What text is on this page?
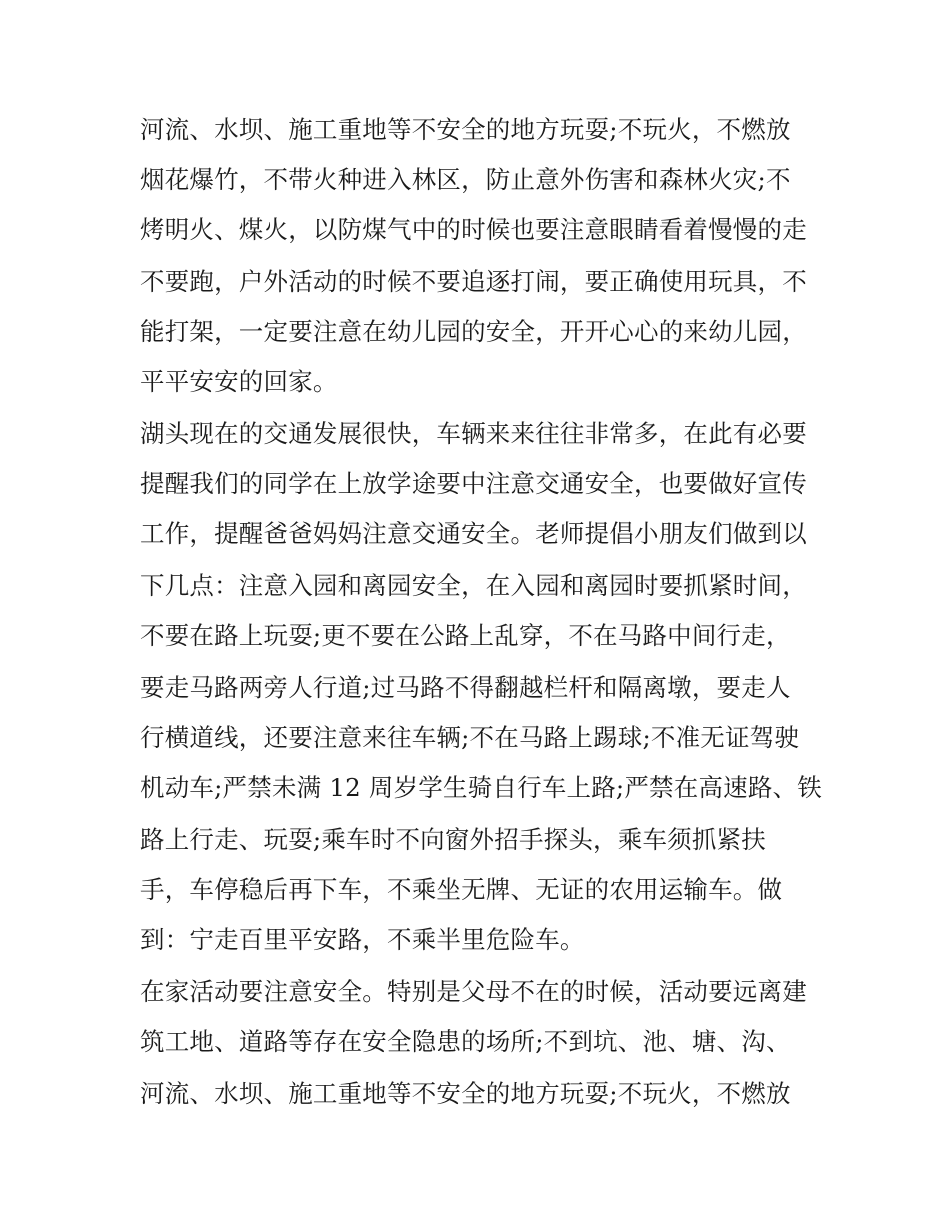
河流、水坝、施工重地等不安全的地方玩耍;不玩火，不燃放
烟花爆竹，不带火种进入林区，防止意外伤害和森林火灾;不
烤明火、煤火，以防煤气中的时候也要注意眼睛看着慢慢的走
不要跑，户外活动的时候不要追逐打闹，要正确使用玩具，不
能打架，一定要注意在幼儿园的安全，开开心心的来幼儿园，
平平安安的回家。
湖头现在的交通发展很快，车辆来来往往非常多，在此有必要
提醒我们的同学在上放学途要中注意交通安全，也要做好宣传
工作，提醒爸爸妈妈注意交通安全。老师提倡小朋友们做到以
下几点：注意入园和离园安全，在入园和离园时要抓紧时间，
不要在路上玩耍;更不要在公路上乱穿，不在马路中间行走，
要走马路两旁人行道;过马路不得翻越栏杆和隔离墩，要走人
行横道线，还要注意来往车辆;不在马路上踢球;不准无证驾驶
机动车;严禁未满 12 周岁学生骑自行车上路;严禁在高速路、铁
路上行走、玩耍;乘车时不向窗外招手探头，乘车须抓紧扶
手，车停稳后再下车，不乘坐无牌、无证的农用运输车。做
到：宁走百里平安路，不乘半里危险车。
在家活动要注意安全。特别是父母不在的时候，活动要远离建
筑工地、道路等存在安全隐患的场所;不到坑、池、塘、沟、
河流、水坝、施工重地等不安全的地方玩耍;不玩火，不燃放
